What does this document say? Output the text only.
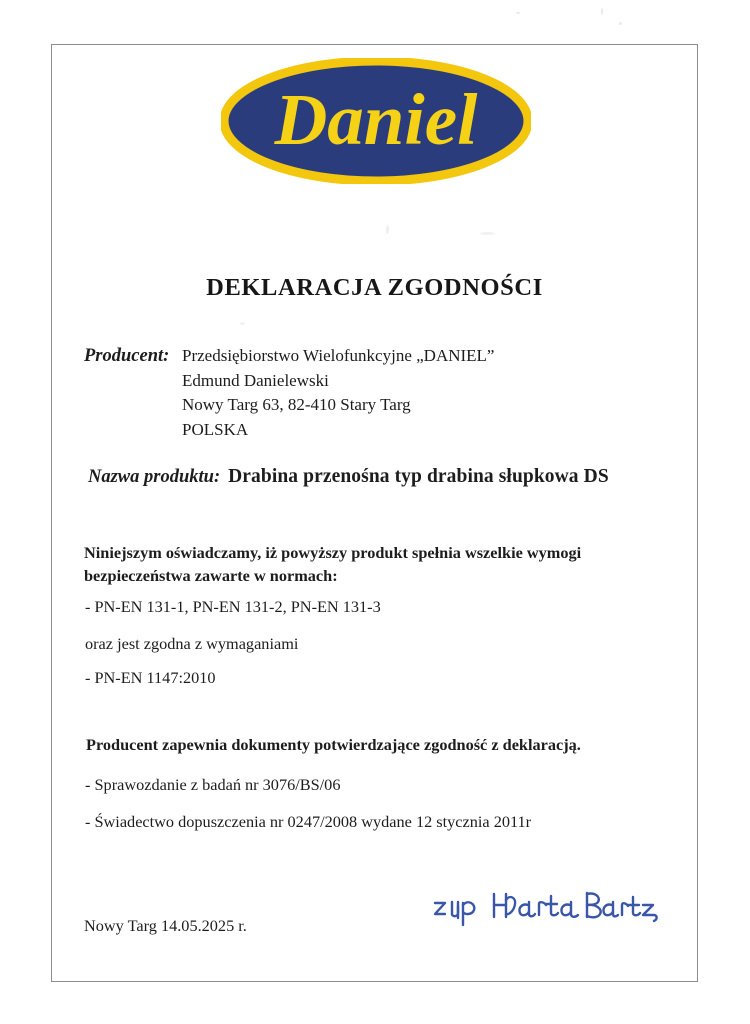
Daniel
DEKLARACJA ZGODNOŚCI
Producent: Przedsiębiorstwo Wielofunkcyjne „DANIEL”
Edmund Danielewski
Nowy Targ 63, 82-410 Stary Targ
POLSKA
Nazwa produktu: Drabina przenośna typ drabina słupkowa DS
Niniejszym oświadczamy, iż powyższy produkt spełnia wszelkie wymogi bezpieczeństwa zawarte w normach:
- PN-EN 131-1, PN-EN 131-2, PN-EN 131-3
oraz jest zgodna z wymaganiami
- PN-EN 1147:2010
Producent zapewnia dokumenty potwierdzające zgodność z deklaracją.
- Sprawozdanie z badań nr 3076/BS/06
- Świadectwo dopuszczenia nr 0247/2008 wydane 12 stycznia 2011r
Nowy Targ 14.05.2025 r.
